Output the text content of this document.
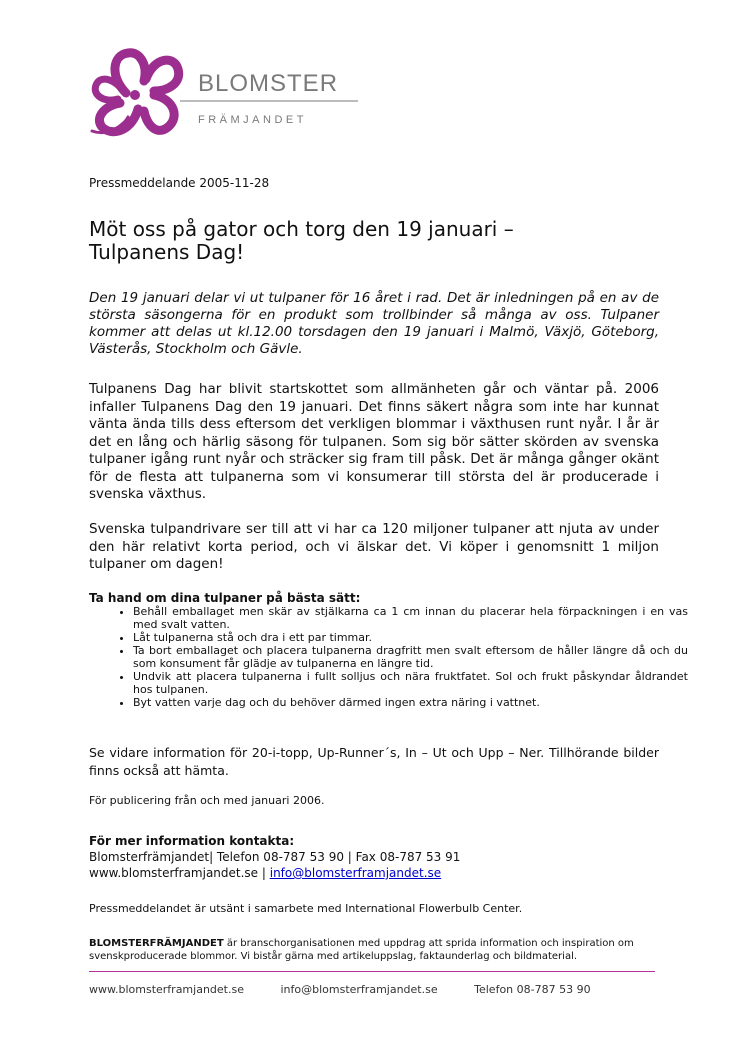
BLOMSTER
FRÄMJANDET

Pressmeddelande 2005-11-28

Möt oss på gator och torg den 19 januari –
Tulpanens Dag!

Den 19 januari delar vi ut tulpaner för 16 året i rad. Det är inledningen på en av de största säsongerna för en produkt som trollbinder så många av oss. Tulpaner kommer att delas ut kl.12.00 torsdagen den 19 januari i Malmö, Växjö, Göteborg, Västerås, Stockholm och Gävle.

Tulpanens Dag har blivit startskottet som allmänheten går och väntar på. 2006 infaller Tulpanens Dag den 19 januari. Det finns säkert några som inte har kunnat vänta ända tills dess eftersom det verkligen blommar i växthusen runt nyår. I år är det en lång och härlig säsong för tulpanen. Som sig bör sätter skörden av svenska tulpaner igång runt nyår och sträcker sig fram till påsk. Det är många gånger okänt för de flesta att tulpanerna som vi konsumerar till största del är producerade i svenska växthus.

Svenska tulpandrivare ser till att vi har ca 120 miljoner tulpaner att njuta av under den här relativt korta period, och vi älskar det. Vi köper i genomsnitt 1 miljon tulpaner om dagen!

Ta hand om dina tulpaner på bästa sätt:

• Behåll emballaget men skär av stjälkarna ca 1 cm innan du placerar hela förpackningen i en vas med svalt vatten.
• Låt tulpanerna stå och dra i ett par timmar.
• Ta bort emballaget och placera tulpanerna dragfritt men svalt eftersom de håller längre då och du som konsument får glädje av tulpanerna en längre tid.
• Undvik att placera tulpanerna i fullt solljus och nära fruktfatet. Sol och frukt påskyndar åldrandet hos tulpanen.
• Byt vatten varje dag och du behöver därmed ingen extra näring i vattnet.

Se vidare information för 20-i-topp, Up-Runner´s, In – Ut och Upp – Ner. Tillhörande bilder finns också att hämta.

För publicering från och med januari 2006.

För mer information kontakta:

Blomsterfrämjandet| Telefon 08-787 53 90 | Fax 08-787 53 91

www.blomsterframjandet.se | info@blomsterframjandet.se

Pressmeddelandet är utsänt i samarbete med International Flowerbulb Center.

BLOMSTERFRÄMJANDET är branschorganisationen med uppdrag att sprida information och inspiration om svenskproducerade blommor. Vi bistår gärna med artikeluppslag, faktaunderlag och bildmaterial.

www.blomsterframjandet.se	info@blomsterframjandet.se	Telefon 08-787 53 90
